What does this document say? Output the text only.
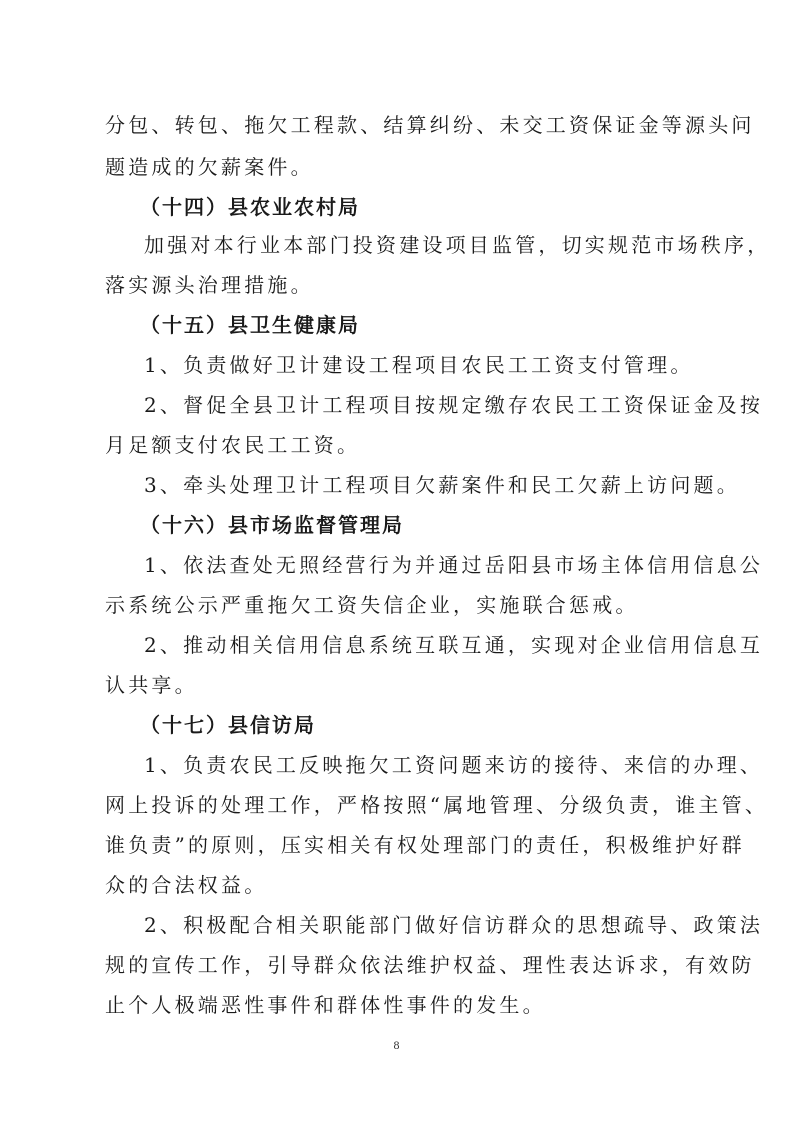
分包、转包、拖欠工程款、结算纠纷、未交工资保证金等源头问
题造成的欠薪案件。
（十四）县农业农村局
加强对本行业本部门投资建设项目监管，切实规范市场秩序，
落实源头治理措施。
（十五）县卫生健康局
1、负责做好卫计建设工程项目农民工工资支付管理。
2、督促全县卫计工程项目按规定缴存农民工工资保证金及按
月足额支付农民工工资。
3、牵头处理卫计工程项目欠薪案件和民工欠薪上访问题。
（十六）县市场监督管理局
1、依法查处无照经营行为并通过岳阳县市场主体信用信息公
示系统公示严重拖欠工资失信企业，实施联合惩戒。
2、推动相关信用信息系统互联互通，实现对企业信用信息互
认共享。
（十七）县信访局
1、负责农民工反映拖欠工资问题来访的接待、来信的办理、
网上投诉的处理工作，严格按照“属地管理、分级负责，谁主管、
谁负责”的原则，压实相关有权处理部门的责任，积极维护好群
众的合法权益。
2、积极配合相关职能部门做好信访群众的思想疏导、政策法
规的宣传工作，引导群众依法维护权益、理性表达诉求，有效防
止个人极端恶性事件和群体性事件的发生。
8
